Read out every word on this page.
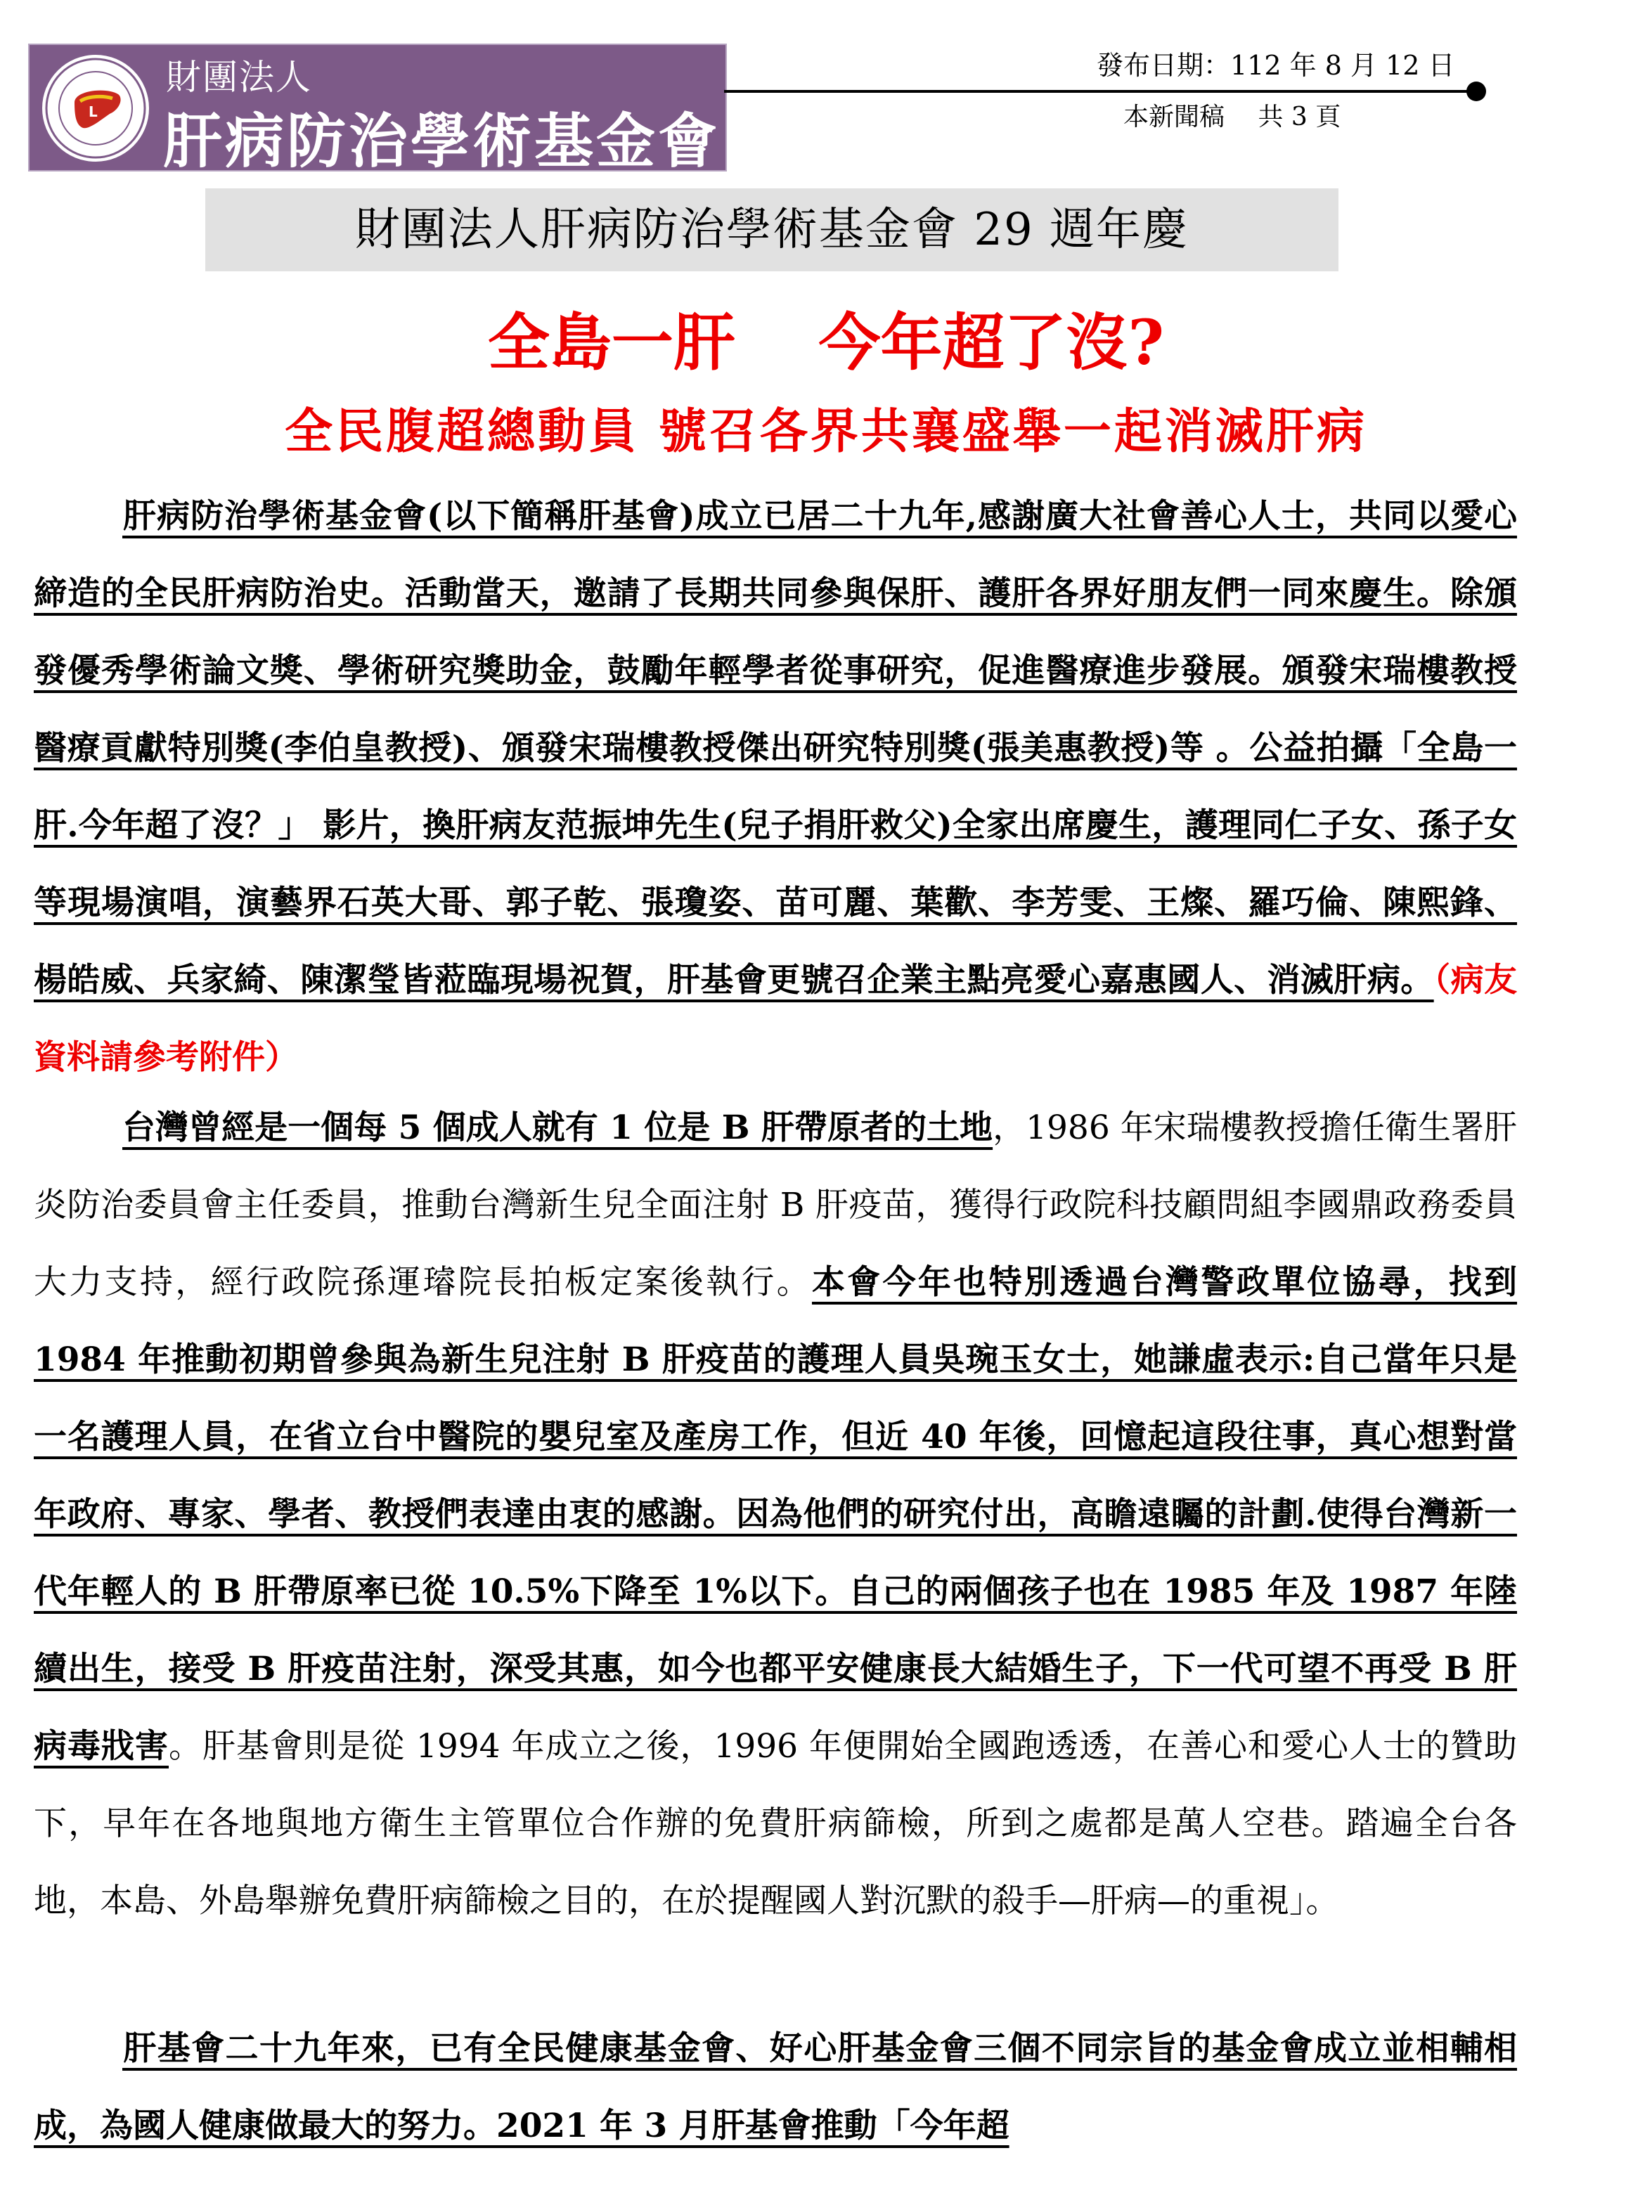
L
財團法人
肝病防治學術基金會
發布日期：112 年 8 月 12 日
本新聞稿　 共 3 頁
財團法人肝病防治學術基金會 29 週年慶
全島一肝　 今年超了沒?
全民腹超總動員 號召各界共襄盛舉一起消滅肝病
肝病防治學術基金會(以下簡稱肝基會)成立已居二十九年,感謝廣大社會善心人士，共同以愛心締造的全民肝病防治史。活動當天，邀請了長期共同參與保肝、護肝各界好朋友們一同來慶生。除頒發優秀學術論文獎、學術研究獎助金，鼓勵年輕學者從事研究，促進醫療進步發展。頒發宋瑞樓教授醫療貢獻特別獎(李伯皇教授)、頒發宋瑞樓教授傑出研究特別獎(張美惠教授)等 。公益拍攝「全島一肝.今年超了沒？」 影片，換肝病友范振坤先生(兒子捐肝救父)全家出席慶生，護理同仁子女、孫子女等現場演唱，演藝界石英大哥、郭子乾、張瓊姿、苗可麗、葉歡、李芳雯、王燦、羅巧倫、陳熙鋒、楊皓威、兵家綺、陳潔瑩皆蒞臨現場祝賀，肝基會更號召企業主點亮愛心嘉惠國人、消滅肝病。（病友資料請參考附件）
台灣曾經是一個每 5 個成人就有 1 位是 B 肝帶原者的土地，1986 年宋瑞樓教授擔任衛生署肝炎防治委員會主任委員，推動台灣新生兒全面注射 B 肝疫苗，獲得行政院科技顧問組李國鼎政務委員大力支持，經行政院孫運璿院長拍板定案後執行。本會今年也特別透過台灣警政單位協尋，找到 1984 年推動初期曾參與為新生兒注射 B 肝疫苗的護理人員吳琬玉女士，她謙虛表示:自己當年只是一名護理人員，在省立台中醫院的嬰兒室及產房工作，但近 40 年後，回憶起這段往事，真心想對當年政府、專家、學者、教授們表達由衷的感謝。因為他們的研究付出，高瞻遠矚的計劃.使得台灣新一代年輕人的 B 肝帶原率已從 10.5%下降至 1%以下。自己的兩個孩子也在 1985 年及 1987 年陸續出生，接受 B 肝疫苗注射，深受其惠，如今也都平安健康長大結婚生子，下一代可望不再受 B 肝病毒戕害。肝基會則是從 1994 年成立之後，1996 年便開始全國跑透透，在善心和愛心人士的贊助下，早年在各地與地方衛生主管單位合作辦的免費肝病篩檢，所到之處都是萬人空巷。踏遍全台各地，本島、外島舉辦免費肝病篩檢之目的，在於提醒國人對沉默的殺手—肝病—的重視」。
肝基會二十九年來，已有全民健康基金會、好心肝基金會三個不同宗旨的基金會成立並相輔相成，為國人健康做最大的努力。2021 年 3 月肝基會推動「今年超
